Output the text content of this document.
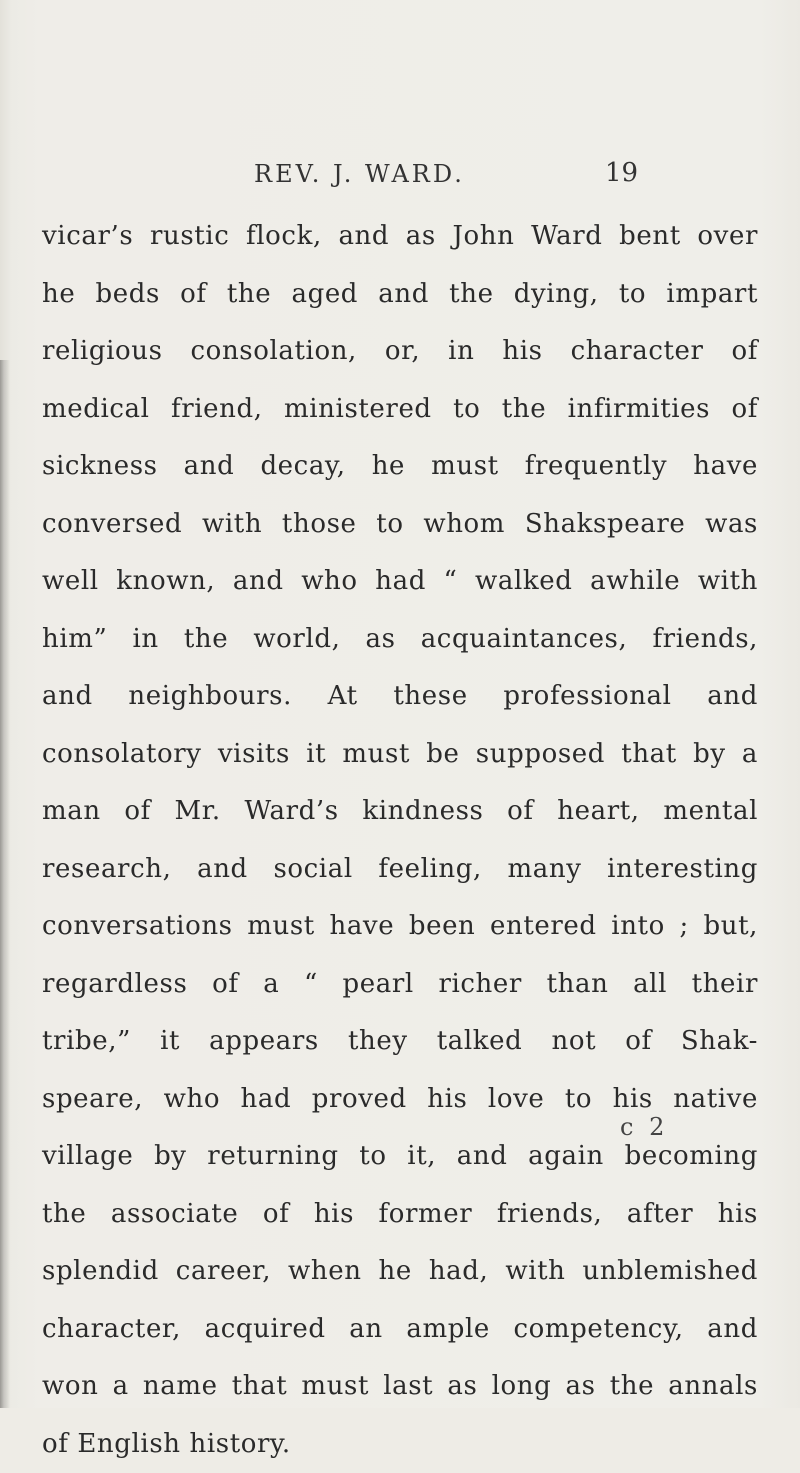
REV. J. WARD.	19
vicar’s rustic flock, and as John Ward bent over
he beds of the aged and the dying, to impart
religious consolation, or, in his character of
medical friend, ministered to the infirmities of
sickness and decay, he must frequently have
conversed with those to whom Shakspeare was
well known, and who had “ walked awhile with
him” in the world, as acquaintances, friends,
and neighbours. At these professional and
consolatory visits it must be supposed that by a
man of Mr. Ward’s kindness of heart, mental
research, and social feeling, many interesting
conversations must have been entered into ; but,
regardless of a “ pearl richer than all their
tribe,” it appears they talked not of Shak-
speare, who had proved his love to his native
village by returning to it, and again becoming
the associate of his former friends, after his
splendid career, when he had, with unblemished
character, acquired an ample competency, and
won a name that must last as long as the annals
of English history.
c 2
